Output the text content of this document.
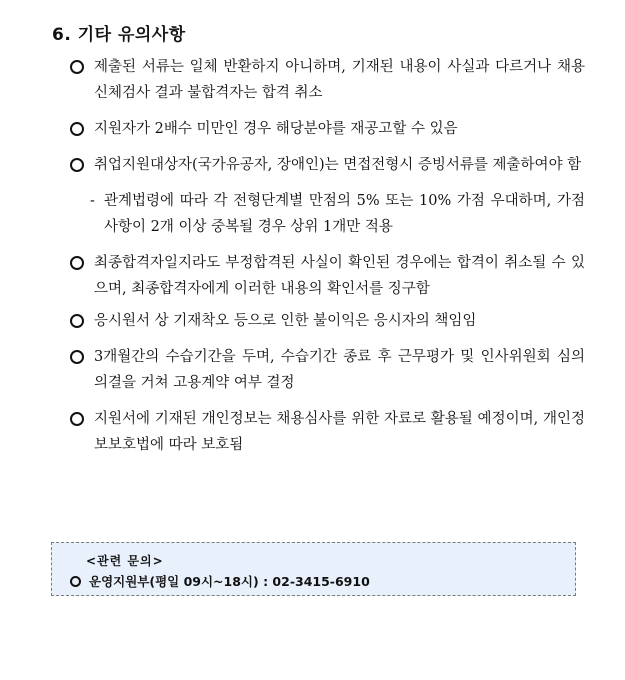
6. 기타 유의사항
제출된 서류는 일체 반환하지 아니하며, 기재된 내용이 사실과 다르거나 채용신체검사 결과 불합격자는 합격 취소
지원자가 2배수 미만인 경우 해당분야를 재공고할 수 있음
취업지원대상자(국가유공자, 장애인)는 면접전형시 증빙서류를 제출하여야 함
- 관계법령에 따라 각 전형단계별 만점의 5% 또는 10% 가점 우대하며, 가점사항이 2개 이상 중복될 경우 상위 1개만 적용
최종합격자일지라도 부정합격된 사실이 확인된 경우에는 합격이 취소될 수 있으며, 최종합격자에게 이러한 내용의 확인서를 징구함
응시원서 상 기재착오 등으로 인한 불이익은 응시자의 책임임
3개월간의 수습기간을 두며, 수습기간 종료 후 근무평가 및 인사위원회 심의 의결을 거쳐 고용계약 여부 결정
지원서에 기재된 개인정보는 채용심사를 위한 자료로 활용될 예정이며, 개인정보보호법에 따라 보호됨
<관련 문의>
운영지원부(평일 09시~18시) : 02-3415-6910
